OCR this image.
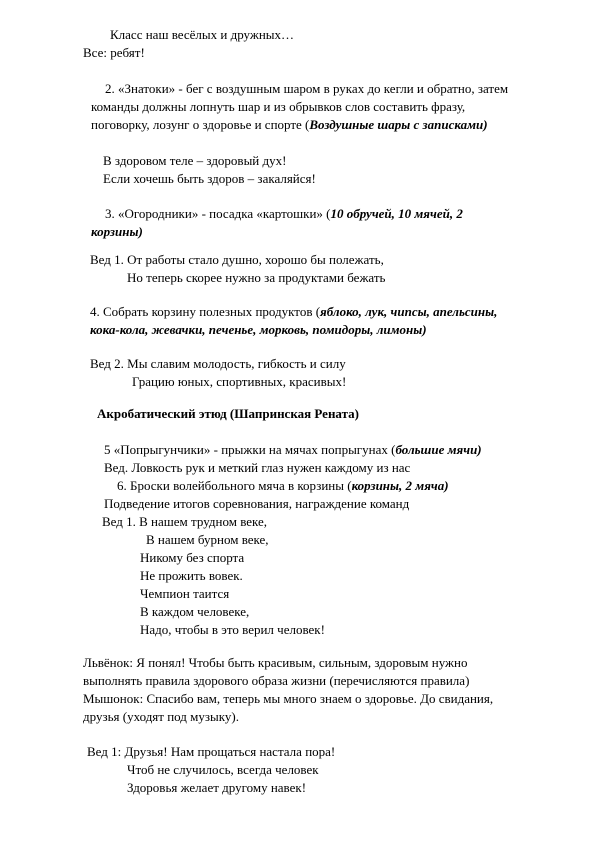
Класс наш весёлых и дружных…
Все: ребят!
2. «Знатоки» - бег с воздушным шаром в руках до кегли и обратно, затем
команды должны лопнуть шар и из обрывков слов составить фразу,
поговорку, лозунг о здоровье и спорте (Воздушные шары с записками)
В здоровом теле – здоровый дух!
Если хочешь быть здоров – закаляйся!
3. «Огородники» - посадка «картошки» (10 обручей, 10 мячей, 2
корзины)
Вед 1. От работы стало душно, хорошо бы полежать,
Но теперь скорее нужно за продуктами бежать
4. Собрать корзину полезных продуктов (яблоко, лук, чипсы, апельсины,
кока-кола, жевачки, печенье, морковь, помидоры, лимоны)
Вед 2. Мы славим молодость, гибкость и силу
Грацию юных, спортивных, красивых!
Акробатический этюд (Шапринская Рената)
5 «Попрыгунчики» - прыжки на мячах попрыгунах (большие мячи)
Вед. Ловкость рук и меткий глаз нужен каждому из нас
6. Броски волейбольного мяча в корзины (корзины, 2 мяча)
Подведение итогов соревнования, награждение команд
Вед 1. В нашем трудном веке,
В нашем бурном веке,
Никому без спорта
Не прожить вовек.
Чемпион таится
В каждом человеке,
Надо, чтобы в это верил человек!
Львёнок: Я понял! Чтобы быть красивым, сильным, здоровым нужно
выполнять правила здорового образа жизни (перечисляются правила)
Мышонок: Спасибо вам, теперь мы много знаем о здоровье. До свидания,
друзья (уходят под музыку).
Вед 1: Друзья! Нам прощаться настала пора!
Чтоб не случилось, всегда человек
Здоровья желает другому навек!
